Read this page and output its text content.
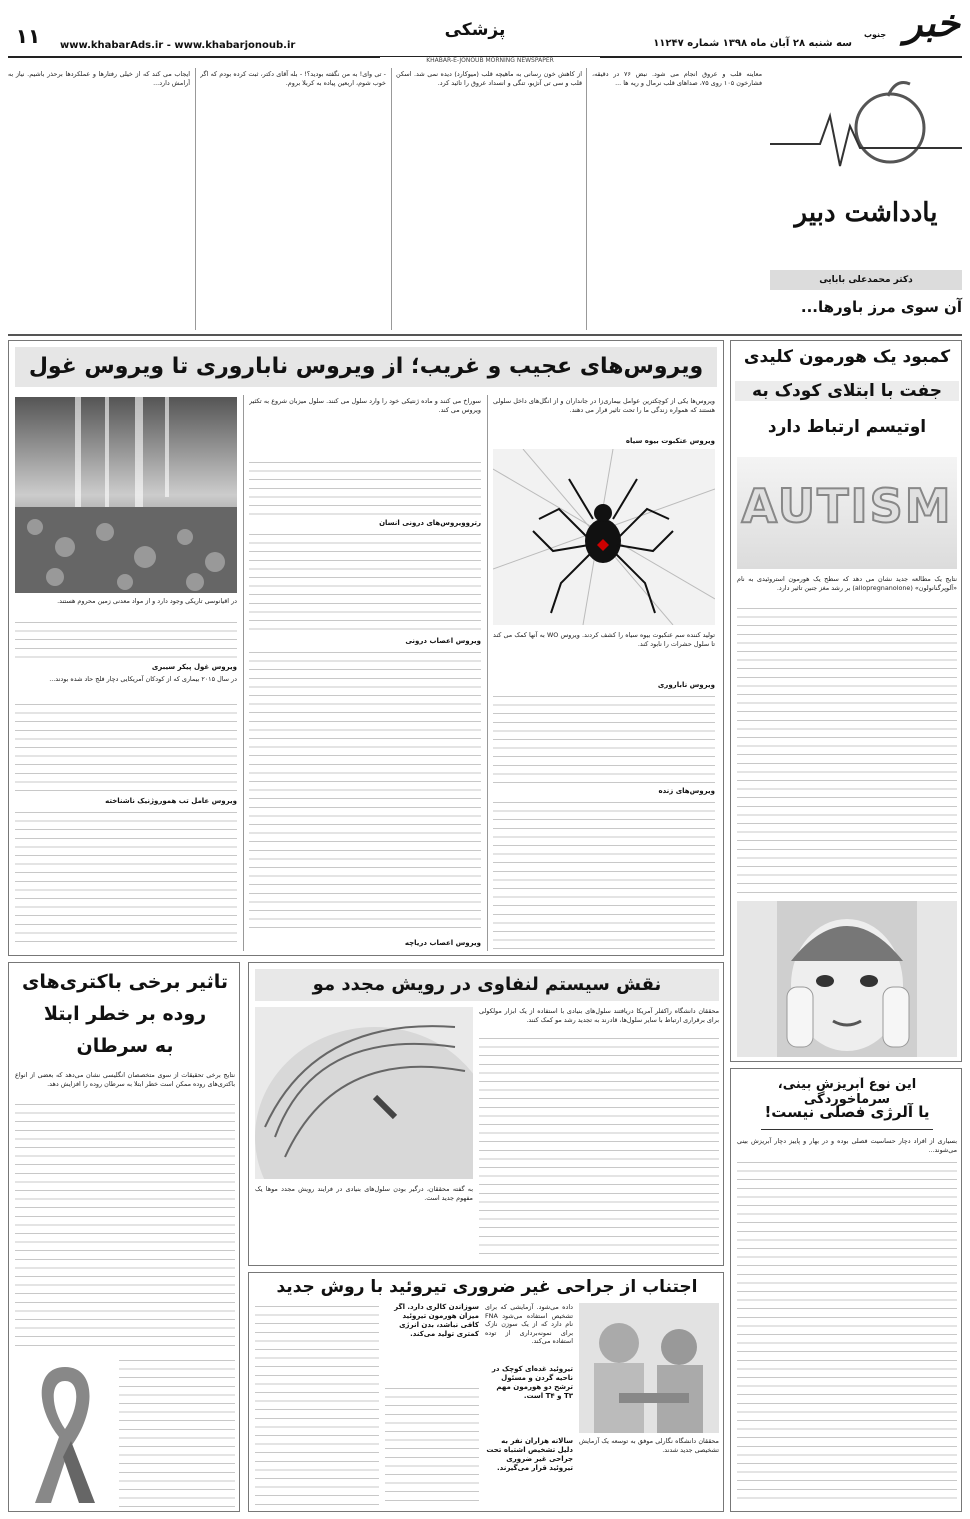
۱۱	www.khabarAds.ir - www.khabarjonoub.ir
پزشکی
سه شنبه ۲۸ آبان ماه ۱۳۹۸ شماره ۱۱۲۴۷ خبر
جنوب
KHABAR-E-JONOUB MORNING NEWSPAPER
یادداشت دبیر
دکتر محمدعلی بابایی
آن سوی مرز باورها...
معاینه قلب و عروق انجام می شود. نبض ۷۶ در دقیقه، فشارخون ۱۰۵ روی ۷۵، صداهای قلب نرمال و ریه ها ...
از کاهش خون رسانی به ماهیچه قلب (میوکارد) دیده نمی شد. اسکن قلب و سی تی آنژیو، تنگی و انسداد عروق را تائید کرد.
- تی وای! به من نگفته بودید؟! - بله آقای دکتر، ثبت کرده بودم که اگر خوب شوم، اربعین پیاده به کربلا بروم.
ایجاب می کند که از خیلی رفتارها و عملکردها برحذر باشیم. نیاز به آرامش دارد...
ویروس‌های عجیب و غریب؛ از ویروس ناباروری تا ویروس غول
ویروس‌ها یکی از کوچکترین عوامل بیماری‌زا در جانداران و از انگل‌های داخل سلولی هستند که همواره زندگی ما را تحت تاثیر قرار می دهند.
ویروس عنکبوت بیوه سیاه
تولید کننده سم عنکبوت بیوه سیاه را کشف کردند. ویروس WO به آنها کمک می کند تا سلول حشرات را نابود کند.
ویروس ناباروری
ویروس‌های زنده
سوراخ می کنند و ماده ژنتیکی خود را وارد سلول می کنند. سلول میزبان شروع به تکثیر ویروس می کند.
رتروویروس‌های درونی انسان
ویروس اعصاب درونی
ویروس اعصاب دریاچه
در اقیانوسی تاریکی وجود دارد و از مواد معدنی زمین محروم هستند.
ویروس غول پیکر سیبری
در سال ۲۰۱۵ بیماری که از کودکان آمریکایی دچار فلج حاد شده بودند...
ویروس عامل تب هموروژنیک ناشناخته
کمبود یک هورمون کلیدی
جفت با ابتلای کودک به
اوتیسم ارتباط دارد
AUTISM
نتایج یک مطالعه جدید نشان می دهد که سطح یک هورمون استروئیدی به نام «آلوپرگنانولون» (allopregnanolone) بر رشد مغز جنین تاثیر دارد.
این نوع آبریزش بینی، سرماخوردگی
یا آلرژی فصلی نیست!
بسیاری از افراد دچار حساسیت فصلی بوده و در بهار و پاییز دچار آبریزش بینی می‌شوند...
تاثیر برخی باکتری‌های
روده بر خطر ابتلا
به سرطان
نتایج برخی تحقیقات از سوی متخصصان انگلیسی نشان می‌دهد که بعضی از انواع باکتری‌های روده ممکن است خطر ابتلا به سرطان روده را افزایش دهد.
نقش سیستم لنفاوی در رویش مجدد مو
محققان دانشگاه راکفلر آمریکا دریافتند سلول‌های بنیادی با استفاده از یک ابزار مولکولی برای برقراری ارتباط با سایر سلول‌ها، قادرند به تجدید رشد مو کمک کنند.
به گفته محققان، درگیر بودن سلول‌های بنیادی در فرایند رویش مجدد موها یک مفهوم جدید است.
اجتناب از جراحی غیر ضروری تیروئید با روش جدید
محققان دانشگاه نگارلی موفق به توسعه یک آزمایش تشخیصی جدید شدند.
داده می‌شود. آزمایشی که برای تشخیص استفاده می‌شود FNA نام دارد که از یک سوزن نازک برای نمونه‌برداری از توده استفاده می‌کند.
تیروئید غده‌ای کوچک در ناحیه گردن و مسئول ترشح دو هورمون مهم T۳ و T۴ است.
سالانه هزاران نفر به دلیل تشخیص اشتباه تحت جراحی غیر ضروری تیروئید قرار می‌گیرند.
سوزاندن کالری دارد. اگر میزان هورمون تیروئید کافی نباشد، بدن انرژی کمتری تولید می‌کند.
